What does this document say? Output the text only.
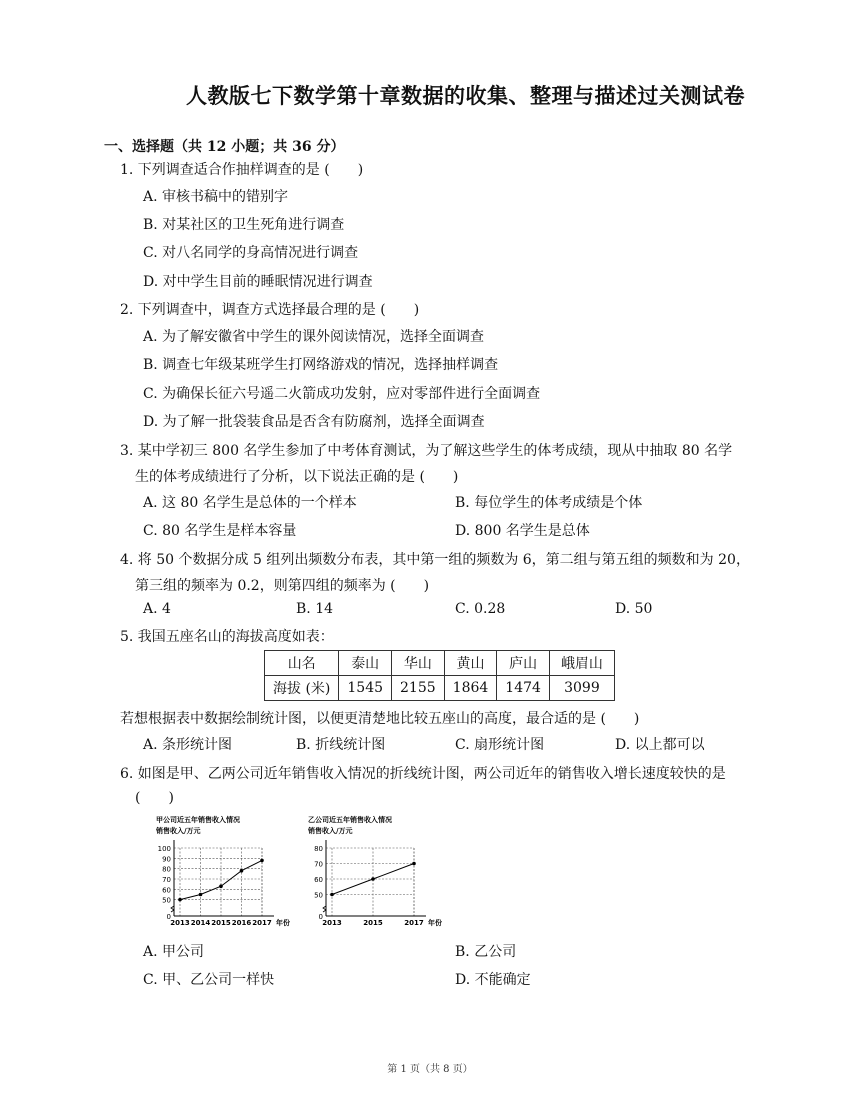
人教版七下数学第十章数据的收集、整理与描述过关测试卷
一、选择题（共 12 小题；共 36 分）
1. 下列调查适合作抽样调查的是 (　　)
A. 审核书稿中的错别字
B. 对某社区的卫生死角进行调查
C. 对八名同学的身高情况进行调查
D. 对中学生目前的睡眠情况进行调查
2. 下列调查中，调查方式选择最合理的是 (　　)
A. 为了解安徽省中学生的课外阅读情况，选择全面调查
B. 调查七年级某班学生打网络游戏的情况，选择抽样调查
C. 为确保长征六号遥二火箭成功发射，应对零部件进行全面调查
D. 为了解一批袋装食品是否含有防腐剂，选择全面调查
3. 某中学初三 800 名学生参加了中考体育测试，为了解这些学生的体考成绩，现从中抽取 80 名学
生的体考成绩进行了分析，以下说法正确的是 (　　)
A. 这 80 名学生是总体的一个样本	B. 每位学生的体考成绩是个体
C. 80 名学生是样本容量	D. 800 名学生是总体
4. 将 50 个数据分成 5 组列出频数分布表，其中第一组的频数为 6，第二组与第五组的频数和为 20，
第三组的频率为 0.2，则第四组的频率为 (　　)
A. 4	B. 14	C. 0.28	D. 50
5. 我国五座名山的海拔高度如表：
山名	泰山	华山	黄山	庐山	峨眉山
海拔 (米)	1545	2155	1864	1474	3099
若想根据表中数据绘制统计图，以便更清楚地比较五座山的高度，最合适的是 (　　)
A. 条形统计图	B. 折线统计图	C. 扇形统计图	D. 以上都可以
6. 如图是甲、乙两公司近年销售收入情况的折线统计图，两公司近年的销售收入增长速度较快的是
(　　)
甲公司近五年销售收入情况
销售收入/万元
0
50
60
70
80
90
100
2013 2014 2015 2016 2017 年份
乙公司近五年销售收入情况
销售收入/万元
0
50
60
70
80
2013	2015	2017 年份
A. 甲公司	B. 乙公司
C. 甲、乙公司一样快	D. 不能确定
第 1 页（共 8 页）
